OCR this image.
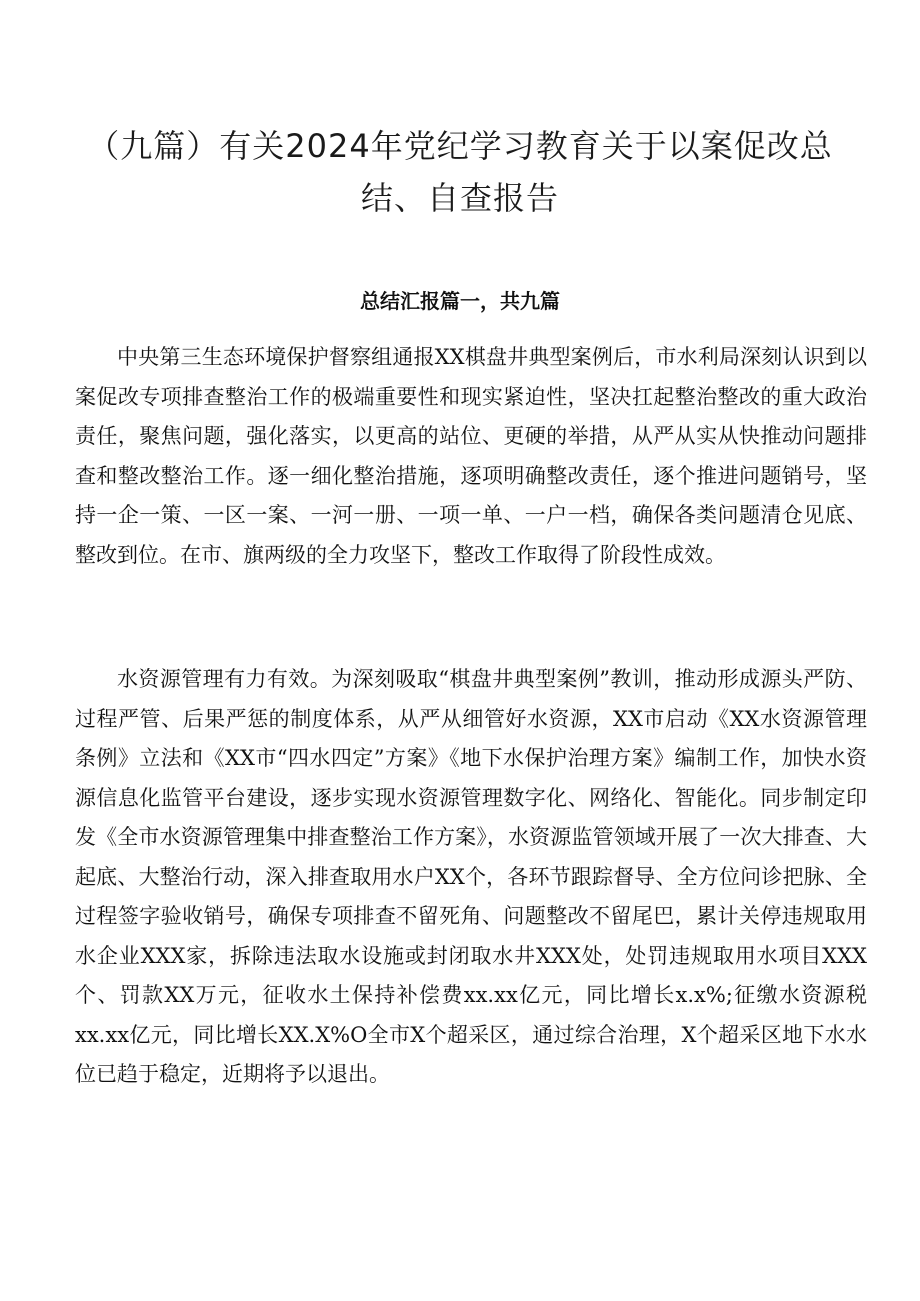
（九篇）有关2024年党纪学习教育关于以案促改总
结、自查报告
总结汇报篇一，共九篇

中央第三生态环境保护督察组通报XX棋盘井典型案例后，市水利局深刻认识到以案促改专项排查整治工作的极端重要性和现实紧迫性，坚决扛起整治整改的重大政治责任，聚焦问题，强化落实，以更高的站位、更硬的举措，从严从实从快推动问题排查和整改整治工作。逐一细化整治措施，逐项明确整改责任，逐个推进问题销号，坚持一企一策、一区一案、一河一册、一项一单、一户一档，确保各类问题清仓见底、整改到位。在市、旗两级的全力攻坚下，整改工作取得了阶段性成效。

水资源管理有力有效。为深刻吸取“棋盘井典型案例”教训，推动形成源头严防、过程严管、后果严惩的制度体系，从严从细管好水资源，XX市启动《XX水资源管理条例》立法和《XX市“四水四定”方案》《地下水保护治理方案》编制工作，加快水资源信息化监管平台建设，逐步实现水资源管理数字化、网络化、智能化。同步制定印发《全市水资源管理集中排查整治工作方案》，水资源监管领域开展了一次大排查、大起底、大整治行动，深入排查取用水户XX个，各环节跟踪督导、全方位问诊把脉、全过程签字验收销号，确保专项排查不留死角、问题整改不留尾巴，累计关停违规取用水企业XXX家，拆除违法取水设施或封闭取水井XXX处，处罚违规取用水项目XXX个、罚款XX万元，征收水土保持补偿费xx.xx亿元，同比增长x.x%;征缴水资源税xx.xx亿元，同比增长XX.X%O全市X个超采区，通过综合治理，X个超采区地下水水位已趋于稳定，近期将予以退出。
